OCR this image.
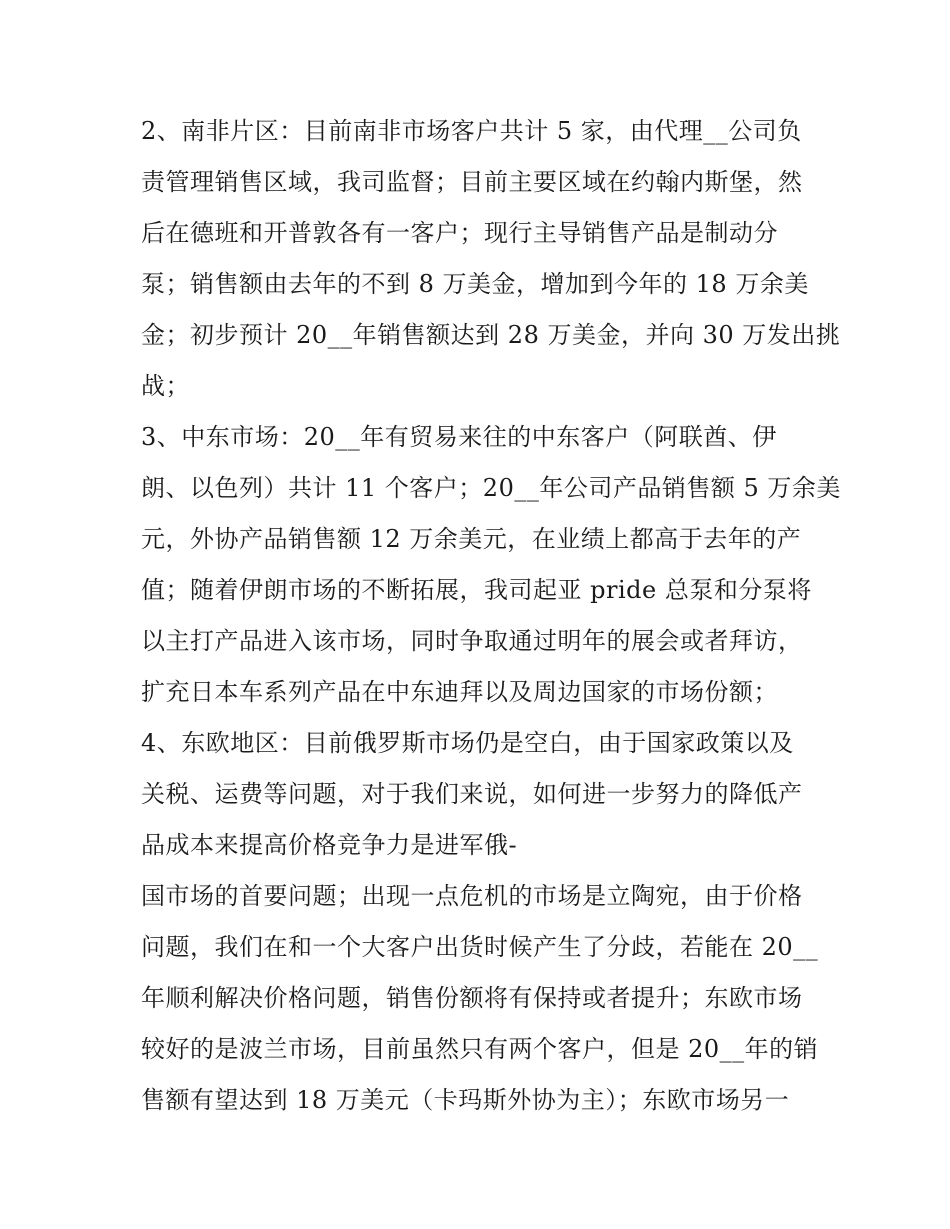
2、南非片区：目前南非市场客户共计 5 家，由代理__公司负
责管理销售区域，我司监督；目前主要区域在约翰内斯堡，然
后在德班和开普敦各有一客户；现行主导销售产品是制动分
泵；销售额由去年的不到 8 万美金，增加到今年的 18 万余美
金；初步预计 20__年销售额达到 28 万美金，并向 30 万发出挑
战；
3、中东市场：20__年有贸易来往的中东客户（阿联酋、伊
朗、以色列）共计 11 个客户；20__年公司产品销售额 5 万余美
元，外协产品销售额 12 万余美元，在业绩上都高于去年的产
值；随着伊朗市场的不断拓展，我司起亚 pride 总泵和分泵将
以主打产品进入该市场，同时争取通过明年的展会或者拜访，
扩充日本车系列产品在中东迪拜以及周边国家的市场份额；
4、东欧地区：目前俄罗斯市场仍是空白，由于国家政策以及
关税、运费等问题，对于我们来说，如何进一步努力的降低产
品成本来提高价格竞争力是进军俄-
国市场的首要问题；出现一点危机的市场是立陶宛，由于价格
问题，我们在和一个大客户出货时候产生了分歧，若能在 20__
年顺利解决价格问题，销售份额将有保持或者提升；东欧市场
较好的是波兰市场，目前虽然只有两个客户，但是 20__年的销
售额有望达到 18 万美元（卡玛斯外协为主）；东欧市场另一
